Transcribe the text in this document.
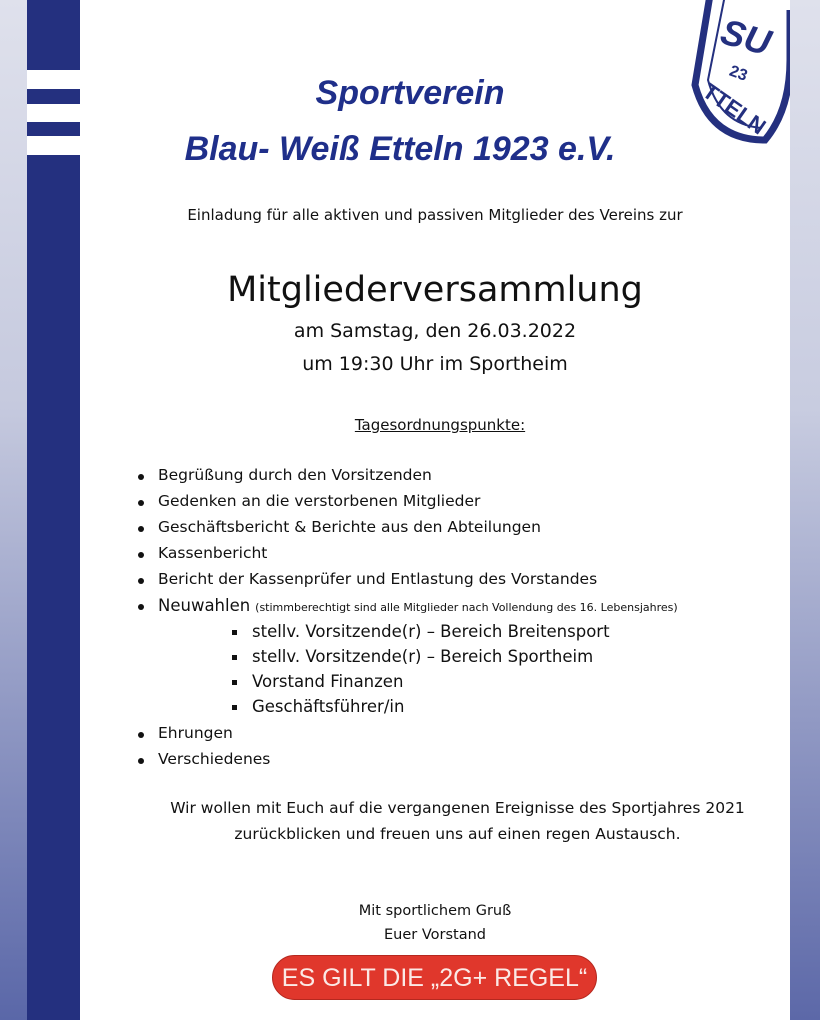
SU
23
TTELN
Sportverein
Blau- Weiß Etteln 1923 e.V.
Einladung für alle aktiven und passiven Mitglieder des Vereins zur
Mitgliederversammlung
am Samstag, den 26.03.2022
um 19:30 Uhr im Sportheim
Tagesordnungspunkte:
Begrüßung durch den Vorsitzenden
Gedenken an die verstorbenen Mitglieder
Geschäftsbericht & Berichte aus den Abteilungen
Kassenbericht
Bericht der Kassenprüfer und Entlastung des Vorstandes
Neuwahlen (stimmberechtigt sind alle Mitglieder nach Vollendung des 16. Lebensjahres)
stellv. Vorsitzende(r) – Bereich Breitensport
stellv. Vorsitzende(r) – Bereich Sportheim
Vorstand Finanzen
Geschäftsführer/in
Ehrungen
Verschiedenes
Wir wollen mit Euch auf die vergangenen Ereignisse des Sportjahres 2021
zurückblicken und freuen uns auf einen regen Austausch.
Mit sportlichem Gruß
Euer Vorstand
ES GILT DIE „2G+ REGEL“
